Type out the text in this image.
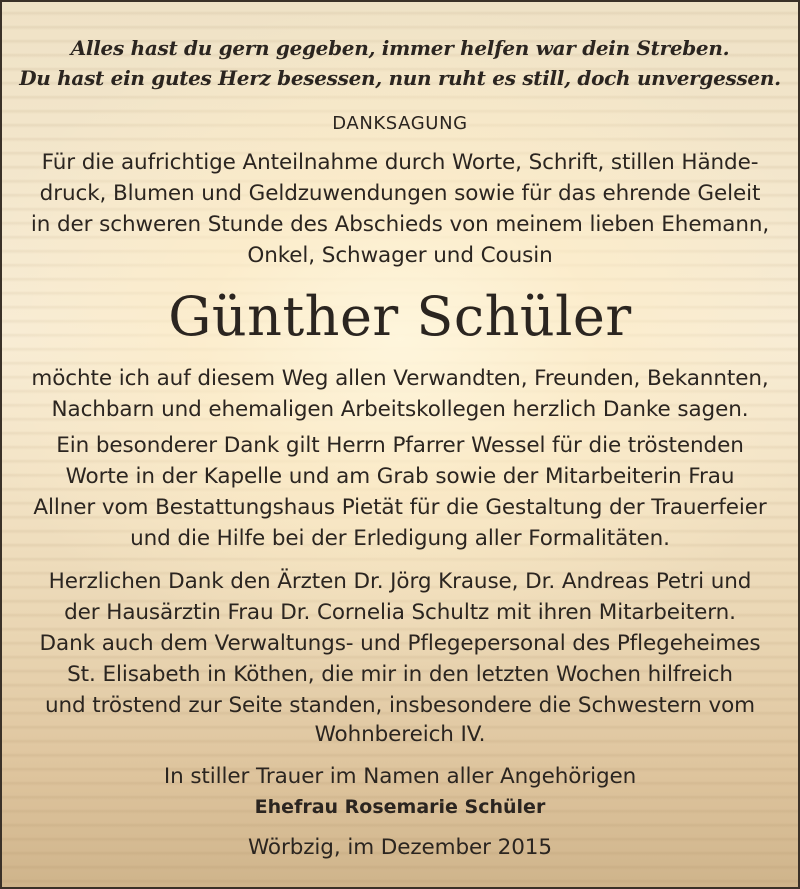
Alles hast du gern gegeben, immer helfen war dein Streben.
Du hast ein gutes Herz besessen, nun ruht es still, doch unvergessen.
DANKSAGUNG
Für die aufrichtige Anteilnahme durch Worte, Schrift, stillen Hände-
druck, Blumen und Geldzuwendungen sowie für das ehrende Geleit
in der schweren Stunde des Abschieds von meinem lieben Ehemann,
Onkel, Schwager und Cousin
Günther Schüler
möchte ich auf diesem Weg allen Verwandten, Freunden, Bekannten,
Nachbarn und ehemaligen Arbeitskollegen herzlich Danke sagen.
Ein besonderer Dank gilt Herrn Pfarrer Wessel für die tröstenden
Worte in der Kapelle und am Grab sowie der Mitarbeiterin Frau
Allner vom Bestattungshaus Pietät für die Gestaltung der Trauerfeier
und die Hilfe bei der Erledigung aller Formalitäten.
Herzlichen Dank den Ärzten Dr. Jörg Krause, Dr. Andreas Petri und
der Hausärztin Frau Dr. Cornelia Schultz mit ihren Mitarbeitern.
Dank auch dem Verwaltungs- und Pflegepersonal des Pflegeheimes
St. Elisabeth in Köthen, die mir in den letzten Wochen hilfreich
und tröstend zur Seite standen, insbesondere die Schwestern vom
Wohnbereich IV.
In stiller Trauer im Namen aller Angehörigen
Ehefrau Rosemarie Schüler
Wörbzig, im Dezember 2015
